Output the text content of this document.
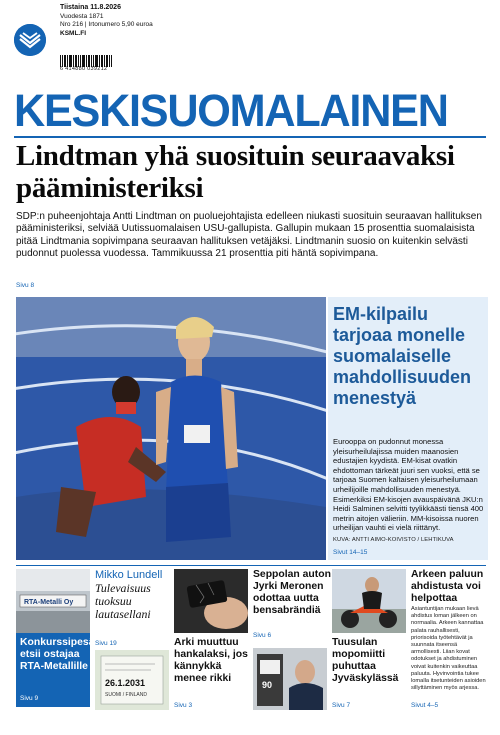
Tiistaina 11.8.2026
Vuodesta 1871
Nro 216 | Irtonumero 5,90 euroa
KSML.FI
6 414880 039212
KESKISUOMALAINEN
Lindtman yhä suosituin seuraavaksi pääministeriksi

SDP:n puheenjohtaja Antti Lindtman on puoluejohtajista edelleen niukasti suosituin seuraavan hallituksen pääministeriksi, selviää Uutissuomalaisen USU-gallupista. Gallupin mukaan 15 prosenttia suomalaisista pitää Lindtmania sopivimpana seuraavan hallituksen vetäjäksi. Lindtmanin suosio on kuitenkin selvästi pudonnut puolessa vuodessa. Tammikuussa 21 prosenttia piti häntä sopivimpana.

Sivu 8
EM-kilpailu tarjoaa monelle suomalaiselle mahdollisuuden menestyä

Eurooppa on pudonnut monessa yleisurheilulajissa muiden maanosien edustajien kyydistä. EM-kisat ovatkin ehdottoman tärkeät juuri sen vuoksi, että se tarjoaa Suomen kaltaisen yleisurheilumaan urheilijoille mahdollisuuden menestyä. Esimerkiksi EM-kisojen avauspäivänä JKU:n Heidi Salminen selvitti tyylikkäästi tiensä 400 metrin aitojen välieriin. MM-kisoissa nuoren urheilijan vauhti ei vielä riittänyt.

KUVA: ANTTI AIMO-KOIVISTO / LEHTIKUVA
Sivut 14–15
RTA-Metalli Oy
Konkurssipesä etsii ostajaa RTA-Metallille
Sivu 9
Mikko Lundell
Tulevaisuus tuoksuu lautasellani
Sivu 19
26.1.2031
SUOMI / FINLAND
Arki muuttuu hankalaksi, jos kännykkä menee rikki
Sivu 3
Seppolan auton Jyrki Meronen odottaa uutta bensabrändiä
Sivu 6
90
Tuusulan mopomiitti puhuttaa Jyväskylässä
Sivu 7
Arkeen paluun ahdistusta voi helpottaa

Asiantuntijan mukaan lievä ahdistus loman jälkeen on normaalia. Arkeen kannattaa palata rauhallisesti, priorisoida työtehtävät ja suunnata itseensä armollisesti. Liian kovat odotukset ja ahdistuminen voivat kuitenkin vaikeuttaa paluuta. Hyvinvointia tukee lomalla itsetunteiden asioiden sillyttäminen myös arjessa.

Sivut 4–5
